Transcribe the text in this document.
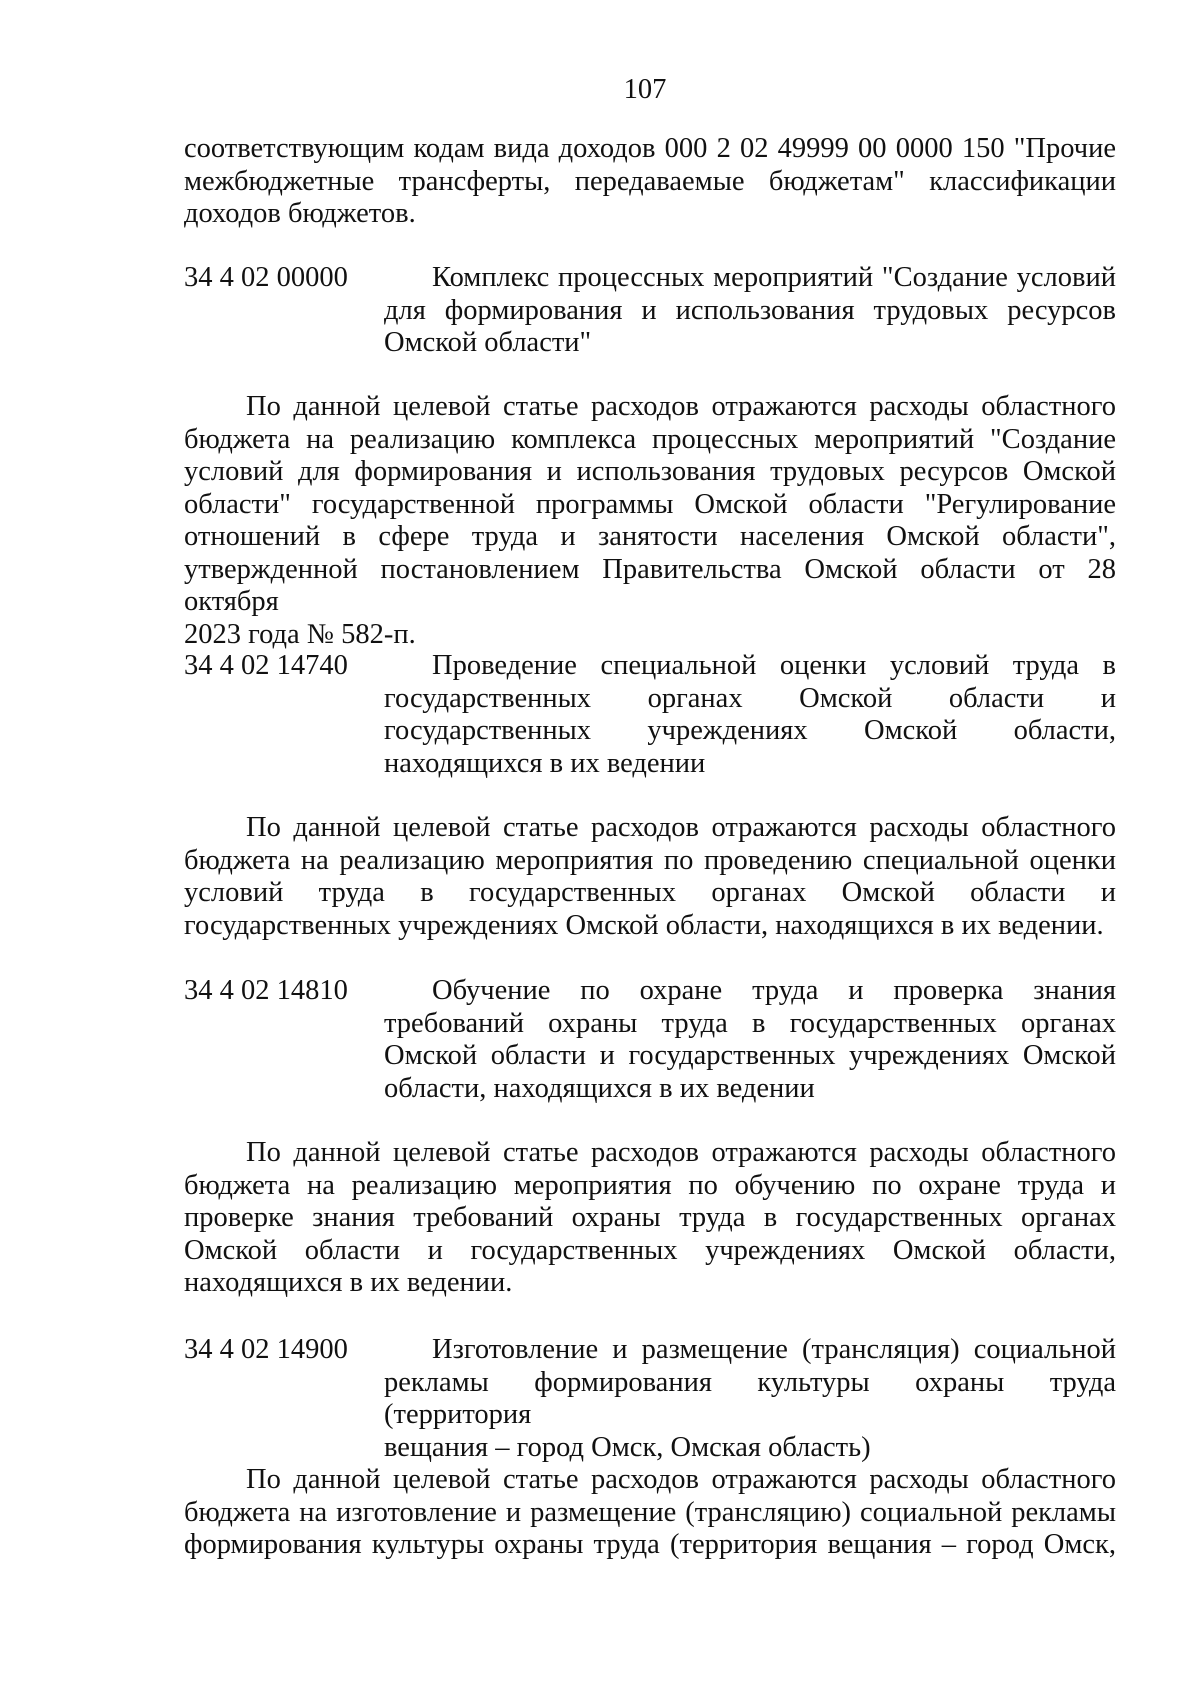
107
соответствующим кодам вида доходов 000 2 02 49999 00 0000 150 "Прочие
межбюджетные трансферты, передаваемые бюджетам" классификации
доходов бюджетов.
34 4 02 00000	Комплекс процессных мероприятий "Создание условий
для формирования и использования трудовых ресурсов
Омской области"
По данной целевой статье расходов отражаются расходы областного
бюджета на реализацию комплекса процессных мероприятий "Создание
условий для формирования и использования трудовых ресурсов Омской
области" государственной программы Омской области "Регулирование
отношений в сфере труда и занятости населения Омской области",
утвержденной постановлением Правительства Омской области от 28 октября
2023 года № 582-п.
34 4 02 14740	Проведение специальной оценки условий труда в
государственных органах Омской области и
государственных учреждениях Омской области,
находящихся в их ведении
По данной целевой статье расходов отражаются расходы областного
бюджета на реализацию мероприятия по проведению специальной оценки
условий труда в государственных органах Омской области и
государственных учреждениях Омской области, находящихся в их ведении.
34 4 02 14810	Обучение по охране труда и проверка знания
требований охраны труда в государственных органах
Омской области и государственных учреждениях Омской
области, находящихся в их ведении
По данной целевой статье расходов отражаются расходы областного
бюджета на реализацию мероприятия по обучению по охране труда и
проверке знания требований охраны труда в государственных органах
Омской области и государственных учреждениях Омской области,
находящихся в их ведении.
34 4 02 14900	Изготовление и размещение (трансляция) социальной
рекламы формирования культуры охраны труда (территория
вещания – город Омск, Омская область)
По данной целевой статье расходов отражаются расходы областного
бюджета на изготовление и размещение (трансляцию) социальной рекламы
формирования культуры охраны труда (территория вещания – город Омск,
